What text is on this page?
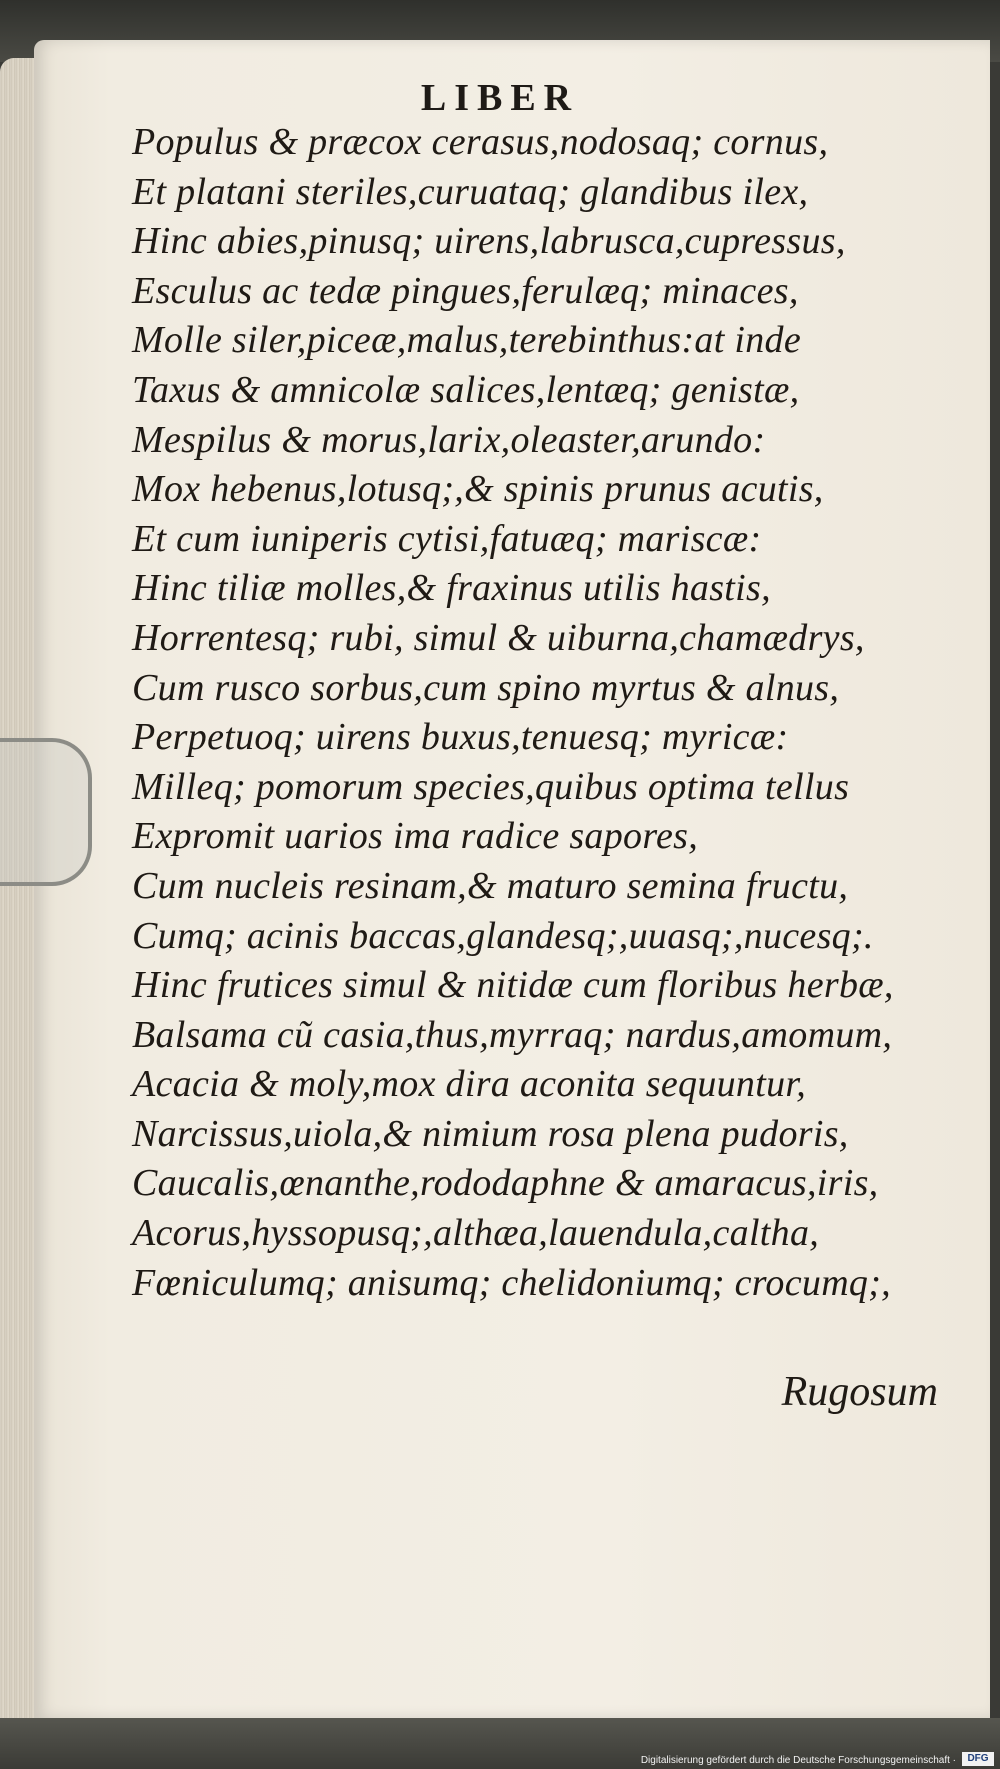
LIBER
Populus & præcox cerasus,nodosaq; cornus,
Et platani steriles,curuataq; glandibus ilex,
Hinc abies,pinusq; uirens,labrusca,cupressus,
Esculus ac tedæ pingues,ferulæq; minaces,
Molle siler,piceæ,malus,terebinthus:at inde
Taxus & amnicolæ salices,lentæq; genistæ,
Mespilus & morus,larix,oleaster,arundo:
Mox hebenus,lotusq;,& spinis prunus acutis,
Et cum iuniperis cytisi,fatuæq; mariscæ:
Hinc tiliæ molles,& fraxinus utilis hastis,
Horrentesq; rubi, simul & uiburna,chamædrys,
Cum rusco sorbus,cum spino myrtus & alnus,
Perpetuoq; uirens buxus,tenuesq; myricæ:
Milleq; pomorum species,quibus optima tellus
Expromit uarios ima radice sapores,
Cum nucleis resinam,& maturo semina fructu,
Cumq; acinis baccas,glandesq;,uuasq;,nucesq;.
Hinc frutices simul & nitidæ cum floribus herbæ,
Balsama cũ casia,thus,myrraq; nardus,amomum,
Acacia & moly,mox dira aconita sequuntur,
Narcissus,uiola,& nimium rosa plena pudoris,
Caucalis,œnanthe,rododaphne & amaracus,iris,
Acorus,hyssopusq;,althæa,lauendula,caltha,
Fœniculumq; anisumq; chelidoniumq; crocumq;,
Rugosum
Digitalisierung gefördert durch die Deutsche Forschungsgemeinschaft ·	DFG
